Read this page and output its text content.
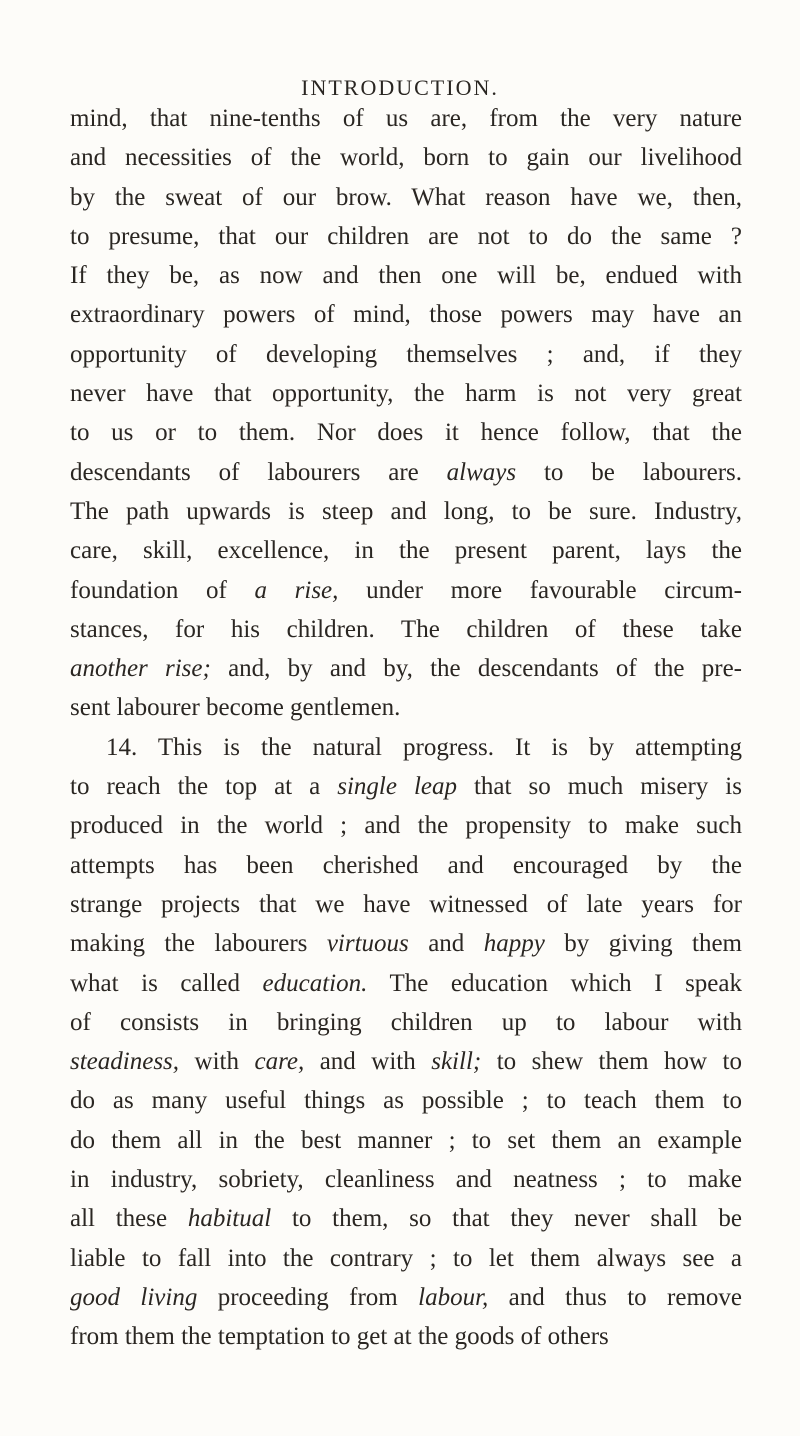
INTRODUCTION.
mind, that nine-tenths of us are, from the very nature
and necessities of the world, born to gain our livelihood
by the sweat of our brow. What reason have we, then,
to presume, that our children are not to do the same ?
If they be, as now and then one will be, endued with
extraordinary powers of mind, those powers may have an
opportunity of developing themselves ; and, if they
never have that opportunity, the harm is not very great
to us or to them. Nor does it hence follow, that the
descendants of labourers are always to be labourers.
The path upwards is steep and long, to be sure. Industry,
care, skill, excellence, in the present parent, lays the
foundation of a rise, under more favourable circum-
stances, for his children. The children of these take
another rise; and, by and by, the descendants of the pre-
sent labourer become gentlemen.
14. This is the natural progress. It is by attempting
to reach the top at a single leap that so much misery is
produced in the world ; and the propensity to make such
attempts has been cherished and encouraged by the
strange projects that we have witnessed of late years for
making the labourers virtuous and happy by giving them
what is called education. The education which I speak
of consists in bringing children up to labour with
steadiness, with care, and with skill; to shew them how to
do as many useful things as possible ; to teach them to
do them all in the best manner ; to set them an example
in industry, sobriety, cleanliness and neatness ; to make
all these habitual to them, so that they never shall be
liable to fall into the contrary ; to let them always see a
good living proceeding from labour, and thus to remove
from them the temptation to get at the goods of others
